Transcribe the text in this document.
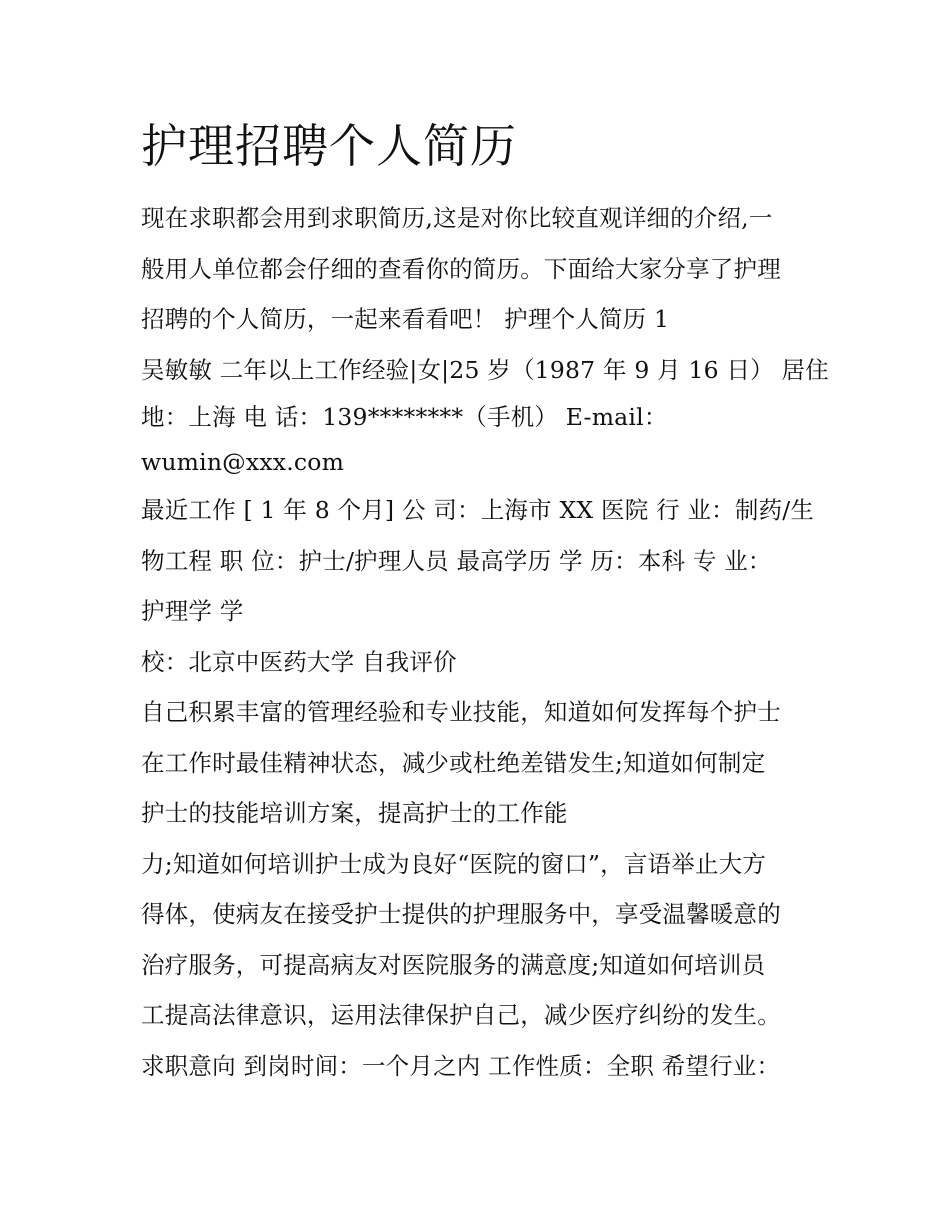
护理招聘个人简历
现在求职都会用到求职简历,这是对你比较直观详细的介绍,一
般用人单位都会仔细的查看你的简历。下面给大家分享了护理
招聘的个人简历，一起来看看吧！ 护理个人简历 1
吴敏敏 二年以上工作经验|女|25 岁（1987 年 9 月 16 日） 居住
地：上海 电 话：139********（手机） E-mail：
wumin@xxx.com
最近工作 [ 1 年 8 个月] 公 司：上海市 XX 医院 行 业：制药/生
物工程 职 位：护士/护理人员 最高学历 学 历：本科 专 业：
护理学 学
校：北京中医药大学 自我评价
自己积累丰富的管理经验和专业技能，知道如何发挥每个护士
在工作时最佳精神状态，减少或杜绝差错发生;知道如何制定
护士的技能培训方案，提高护士的工作能
力;知道如何培训护士成为良好“医院的窗口”，言语举止大方
得体，使病友在接受护士提供的护理服务中，享受温馨暖意的
治疗服务，可提高病友对医院服务的满意度;知道如何培训员
工提高法律意识，运用法律保护自己，减少医疗纠纷的发生。
求职意向 到岗时间：一个月之内 工作性质：全职 希望行业：
